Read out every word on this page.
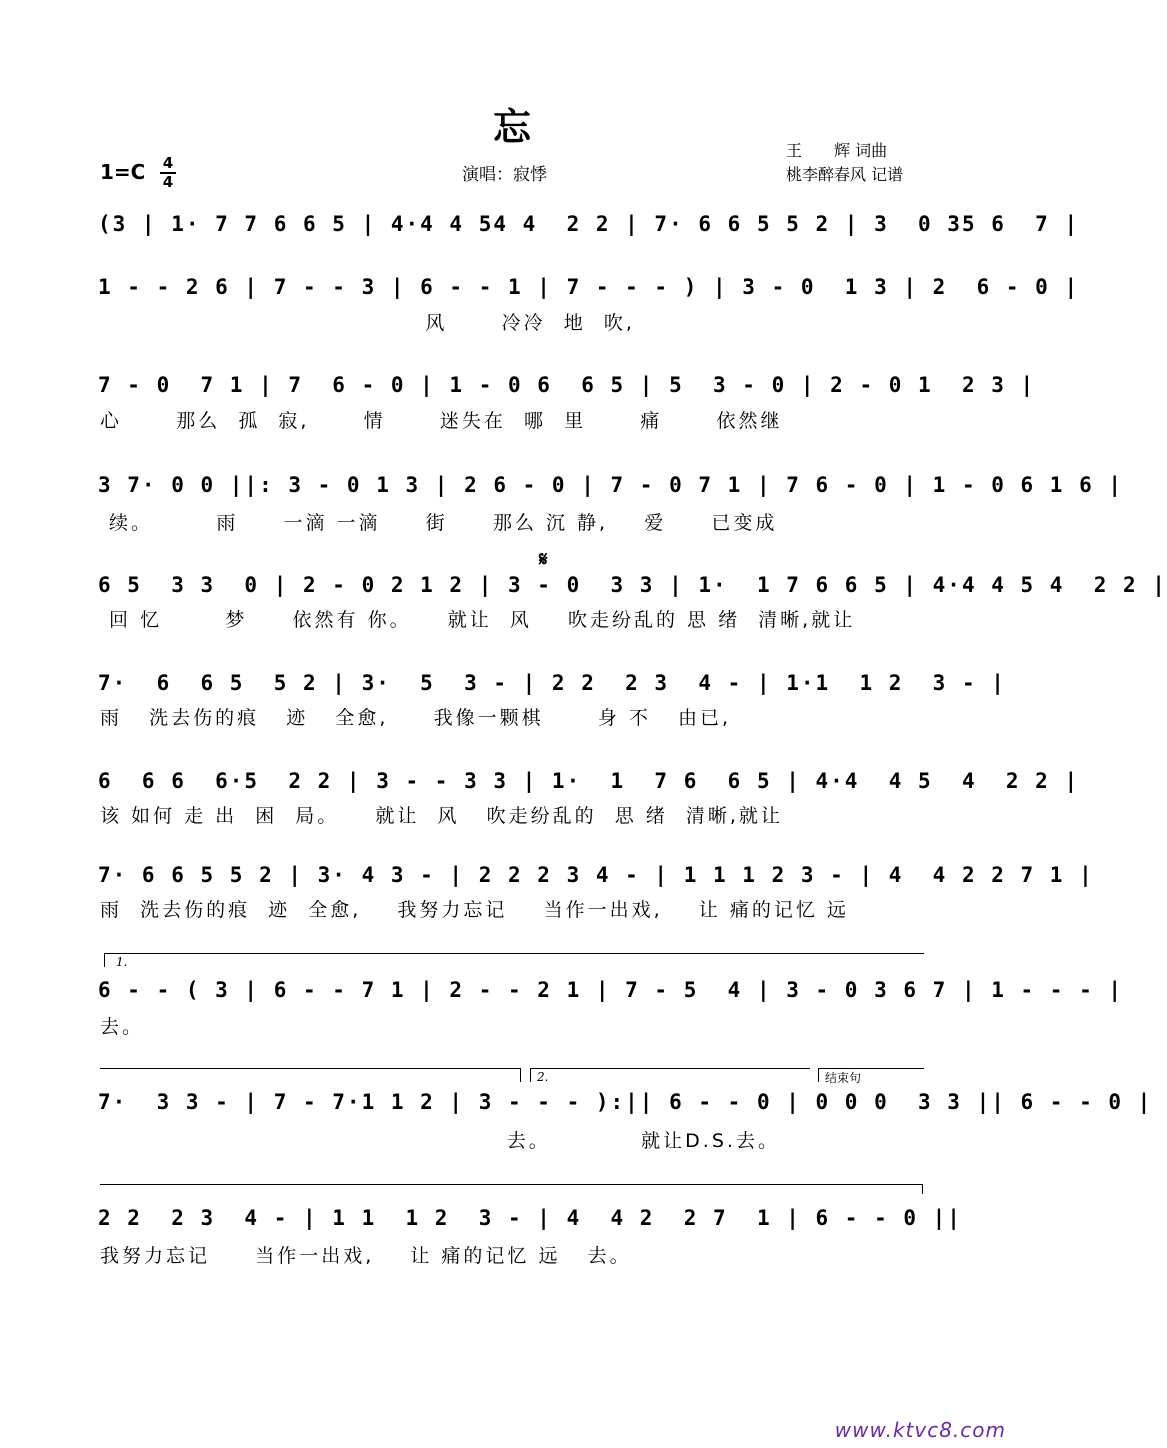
忘
1=C 4
4	演唱：寂悸
王　　辉 词曲
桃李醉春风 记谱
𝄋
(3 | 1· 7 7 6 6 5 | 4·4 4 54 4  2 2 | 7· 6 6 5 5 2 | 3  0 35 6  7 |
1 - - 2 6 | 7 - - 3 | 6 - - 1 | 7 - - - ) | 3 - 0  1 3 | 2  6 - 0 |
风      冷冷  地  吹,
7 - 0  7 1 | 7  6 - 0 | 1 - 0 6  6 5 | 5  3 - 0 | 2 - 0 1  2 3 |
心      那么  孤  寂,      情      迷失在  哪  里      痛      依然继
3 7· 0 0 ||: 3 - 0 1 3 | 2 6 - 0 | 7 - 0 7 1 | 7 6 - 0 | 1 - 0 6 1 6 |
续。       雨     一滴 一滴     街     那么 沉 静,    爱     已变成
6 5  3 3  0 | 2 - 0 2 1 2 | 3 - 0  3 3 | 1·  1 7 6 6 5 | 4·4 4 5 4  2 2 |
回 忆       梦     依然有 你。    就让  风    吹走纷乱的 思 绪  清晰,就让
7·  6  6 5  5 2 | 3·  5  3 - | 2 2  2 3  4 - | 1·1  1 2  3 - |
雨   洗去伤的痕   迹   全愈,     我像一颗棋      身 不   由已,
6  6 6  6·5  2 2 | 3 - - 3 3 | 1·  1  7 6  6 5 | 4·4  4 5  4  2 2 |
该 如何 走 出  困  局。    就让  风   吹走纷乱的  思 绪  清晰,就让
7· 6 6 5 5 2 | 3· 4 3 - | 2 2 2 3 4 - | 1 1 1 2 3 - | 4  4 2 2 7 1 |
雨  洗去伤的痕  迹  全愈,    我努力忘记    当作一出戏,    让 痛的记忆 远
1.
6 - - ( 3 | 6 - - 7 1 | 2 - - 2 1 | 7 - 5  4 | 3 - 0 3 6 7 | 1 - - - |
去。
2.	结束句
7·  3 3 - | 7 - 7·1 1 2 | 3 - - - ):|| 6 - - 0 | 0 0 0  3 3 || 6 - - 0 |
去。          就让D.S.去。
2 2  2 3  4 - | 1 1  1 2  3 - | 4  4 2  2 7  1 | 6 - - 0 ||
我努力忘记     当作一出戏,    让 痛的记忆 远   去。
www.ktvc8.com
